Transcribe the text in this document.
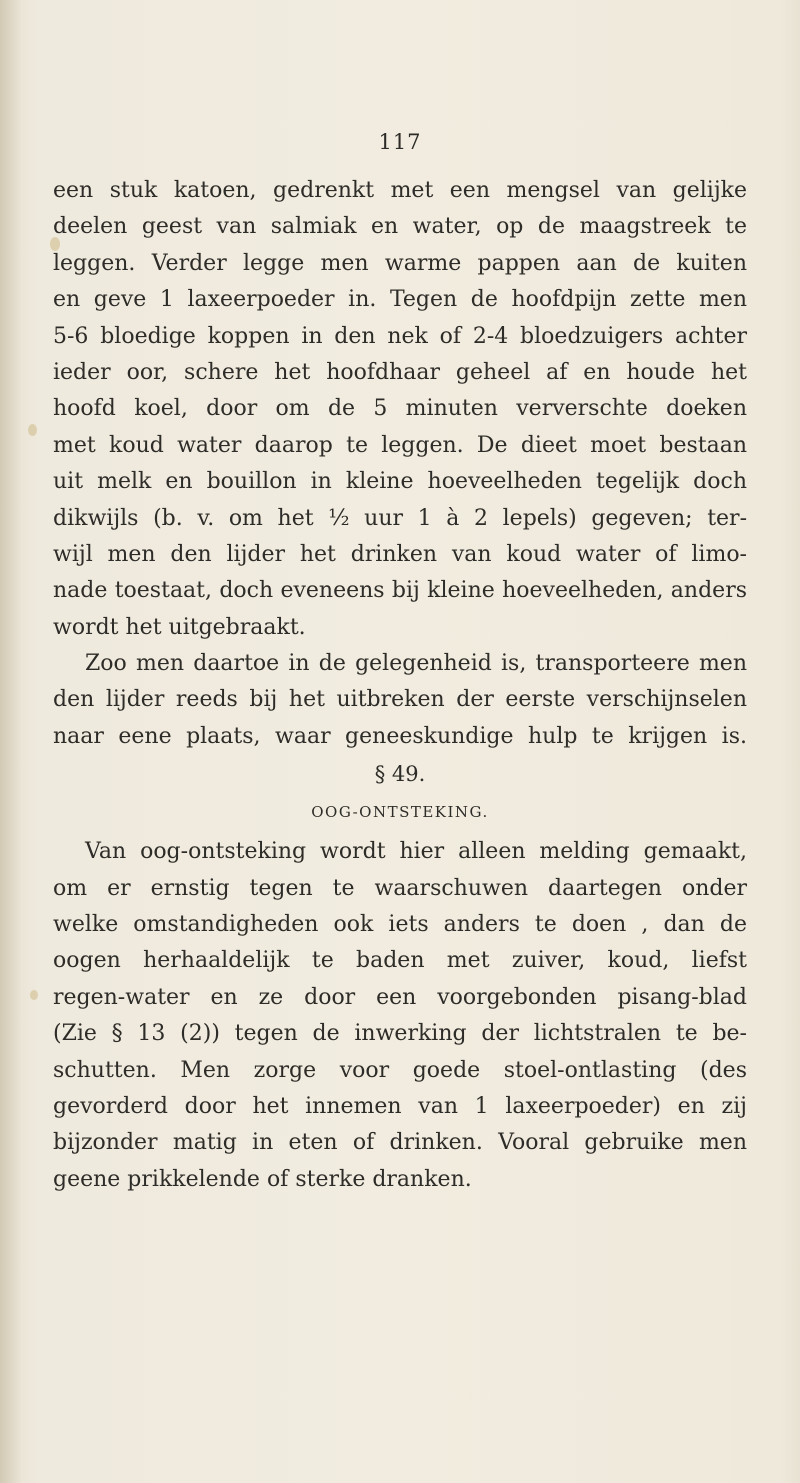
117
een stuk katoen, gedrenkt met een mengsel van gelijke
deelen geest van salmiak en water, op de maagstreek te
leggen. Verder legge men warme pappen aan de kuiten
en geve 1 laxeerpoeder in. Tegen de hoofdpijn zette men
5-6 bloedige koppen in den nek of 2-4 bloedzuigers achter
ieder oor, schere het hoofdhaar geheel af en houde het
hoofd koel, door om de 5 minuten ververschte doeken
met koud water daarop te leggen. De dieet moet bestaan
uit melk en bouillon in kleine hoeveelheden tegelijk doch
dikwijls (b. v. om het ½ uur 1 à 2 lepels) gegeven; ter-
wijl men den lijder het drinken van koud water of limo-
nade toestaat, doch eveneens bij kleine hoeveelheden, anders
wordt het uitgebraakt.
Zoo men daartoe in de gelegenheid is, transporteere men
den lijder reeds bij het uitbreken der eerste verschijnselen
naar eene plaats, waar geneeskundige hulp te krijgen is.
§ 49.
OOG-ONTSTEKING.
Van oog-ontsteking wordt hier alleen melding gemaakt,
om er ernstig tegen te waarschuwen daartegen onder
welke omstandigheden ook iets anders te doen , dan de
oogen herhaaldelijk te baden met zuiver, koud, liefst
regen-water en ze door een voorgebonden pisang-blad
(Zie § 13 (2)) tegen de inwerking der lichtstralen te be-
schutten. Men zorge voor goede stoel-ontlasting (des
gevorderd door het innemen van 1 laxeerpoeder) en zij
bijzonder matig in eten of drinken. Vooral gebruike men
geene prikkelende of sterke dranken.
